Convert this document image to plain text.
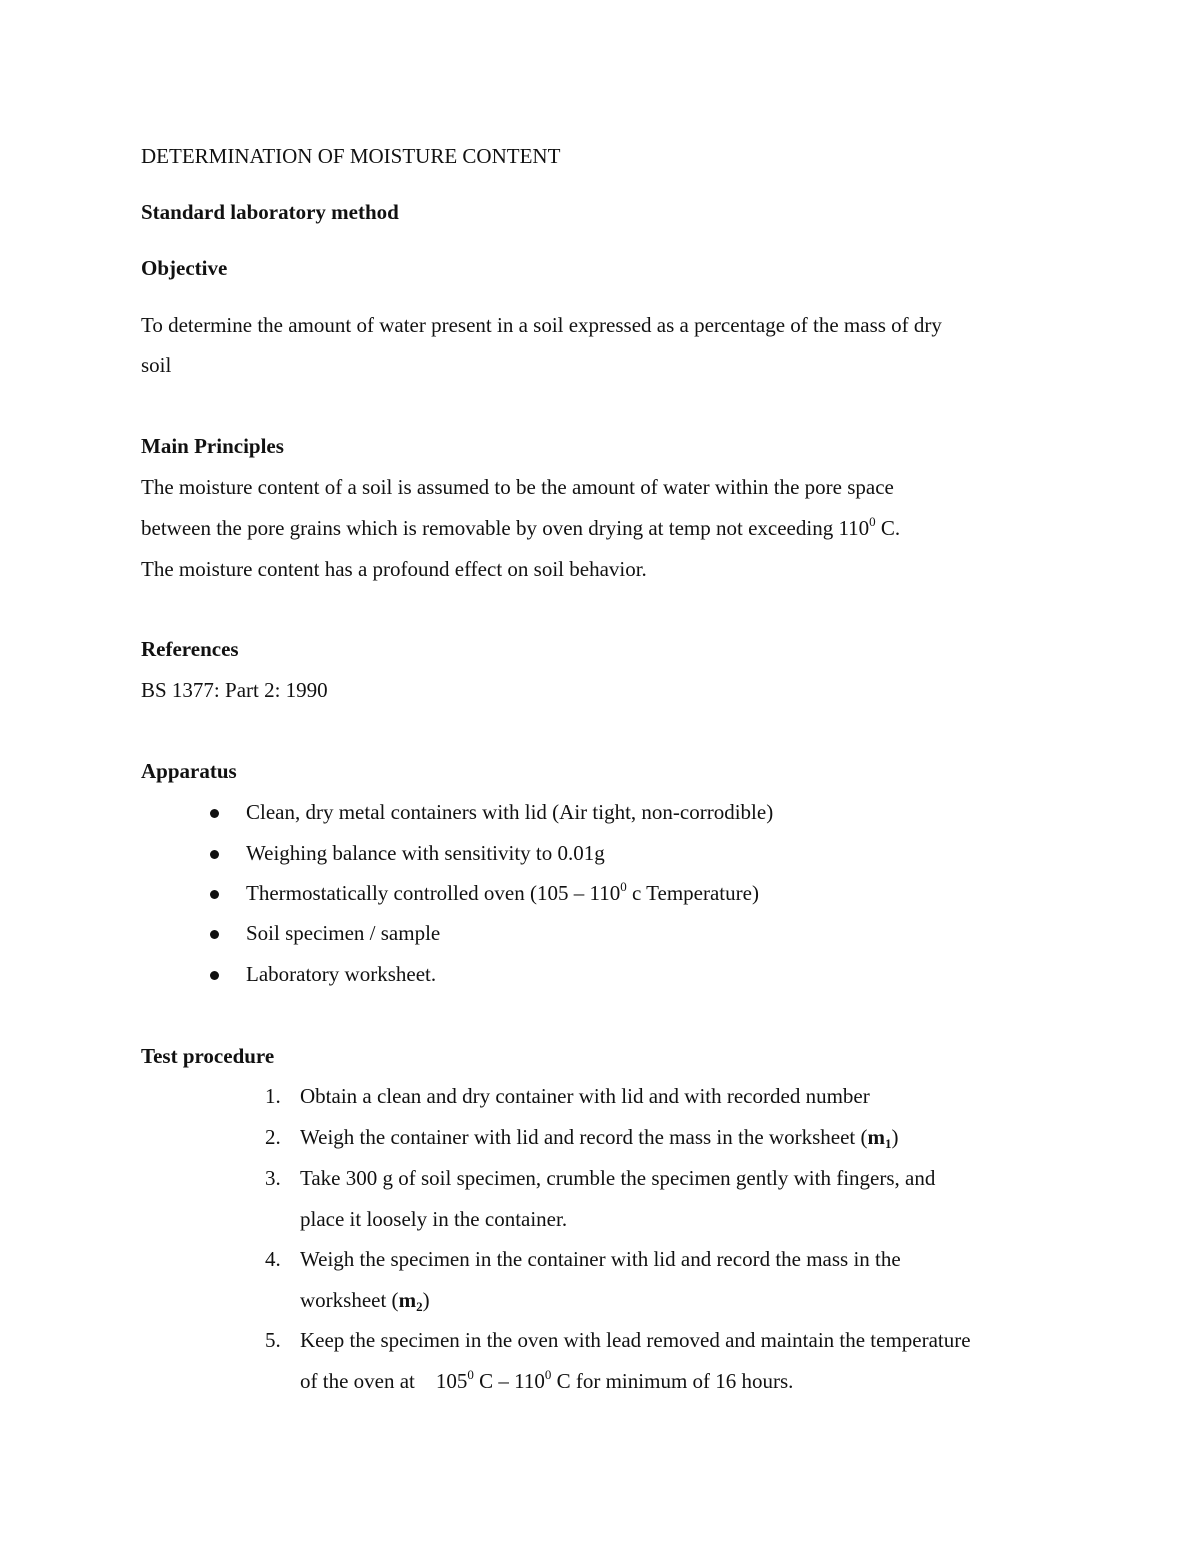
DETERMINATION OF MOISTURE CONTENT
Standard laboratory method
Objective
To determine the amount of water present in a soil expressed as a percentage of the mass of dry
soil
Main Principles
The moisture content of a soil is assumed to be the amount of water within the pore space
between the pore grains which is removable by oven drying at temp not exceeding $110^0$ C.
The moisture content has a profound effect on soil behavior.
References
BS 1377: Part 2: 1990
Apparatus
Clean, dry metal containers with lid (Air tight, non-corrodible)
Weighing balance with sensitivity to 0.01g
Thermostatically controlled oven ($105 - 110^0$ c Temperature)
Soil specimen / sample
Laboratory worksheet.
Test procedure
1. Obtain a clean and dry container with lid and with recorded number
2. Weigh the container with lid and record the mass in the worksheet $(m_1)$
3. Take 300 g of soil specimen, crumble the specimen gently with fingers, and
place it loosely in the container.
4. Weigh the specimen in the container with lid and record the mass in the
worksheet $(m_2)$
5. Keep the specimen in the oven with lead removed and maintain the temperature
of the oven at    $105^0$ C – $110^0$ C for minimum of 16 hours.
